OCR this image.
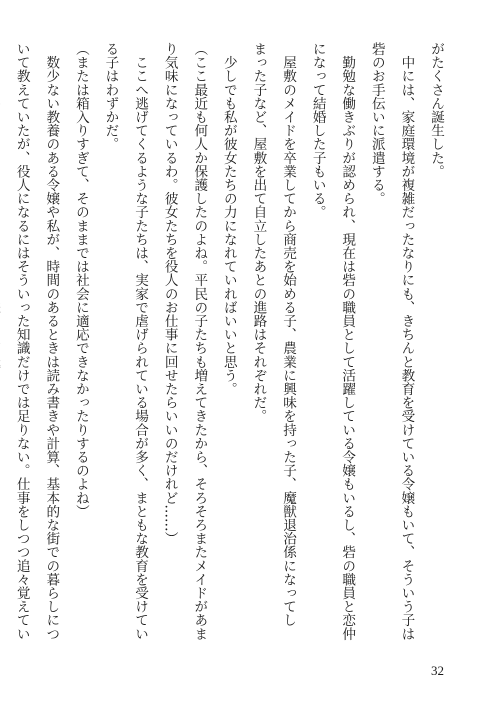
がたくさん誕生した。
　中には、家庭環境が複雑だったなりにも、きちんと教育を受けている令嬢もいて、そういう子は
砦のお手伝いに派遣する。
　勤勉な働きぶりが認められ、現在は砦の職員として活躍している令嬢もいるし、砦の職員と恋仲
になって結婚した子もいる。
　屋敷のメイドを卒業してから商売を始める子、農業に興味を持った子、魔獣退治係になってし
まった子など、屋敷を出て自立したあとの進路はそれぞれだ。
　少しでも私が彼女たちの力になれていればいいと思う。
（ここ最近も何人か保護したのよね。平民の子たちも増えてきたから、そろそろまたメイドがあま
り気味になっているわ。彼女たちを役人のお仕事に回せたらいいのだけれど……）
　ここへ逃げてくるような子たちは、実家で虐げられている場合が多く、まともな教育を受けてい
る子はわずかだ。
（または箱入りすぎて、そのままでは社会に適応できなかったりするのよね）
　数少ない教養のある令嬢や私が、時間のあるときは読み書きや計算、基本的な街での暮らしにつ
いて教えていたが、役人になるにはそういった知識だけでは足りない。仕事をしつつ追々覚えてい
32
